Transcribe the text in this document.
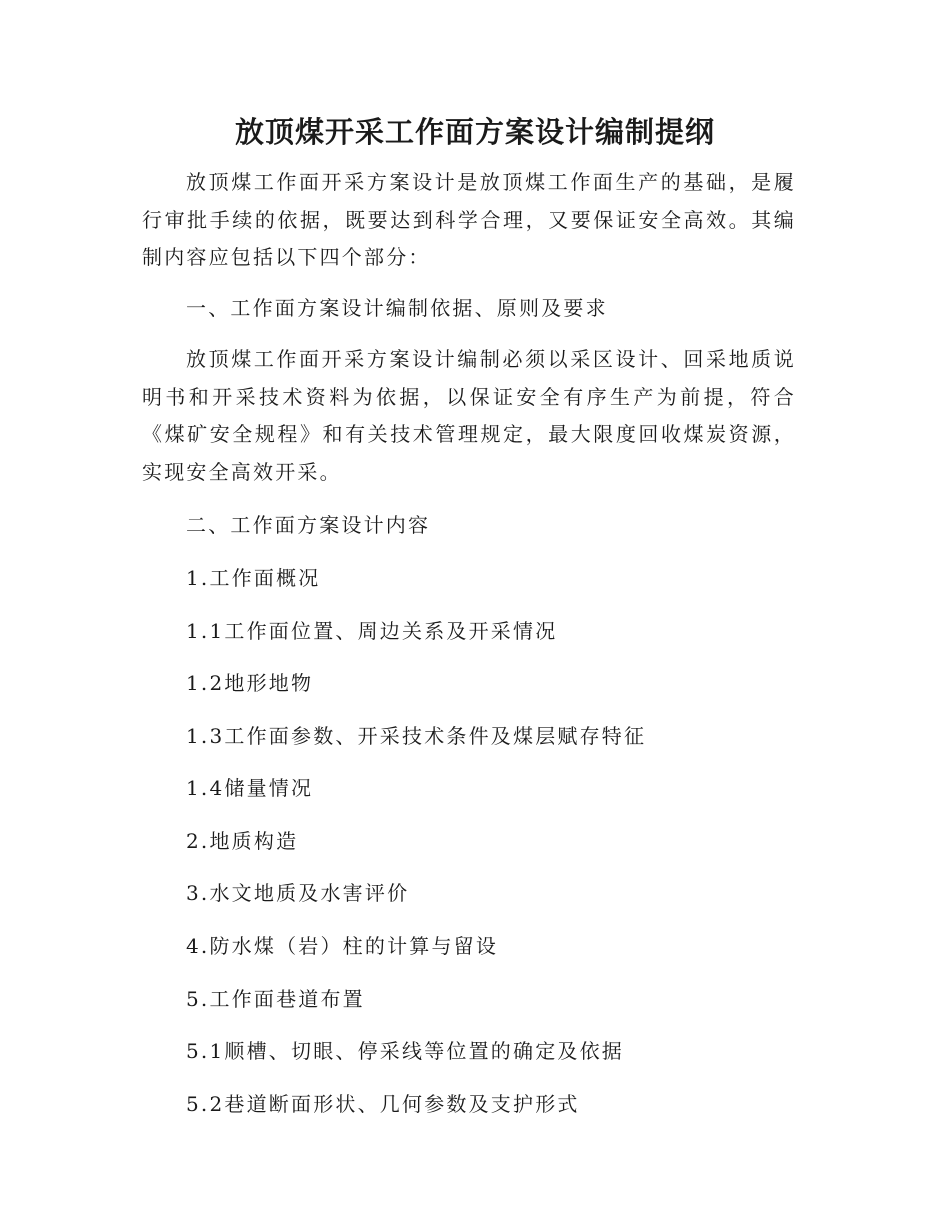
放顶煤开采工作面方案设计编制提纲

放顶煤工作面开采方案设计是放顶煤工作面生产的基础，是履行审批手续的依据，既要达到科学合理，又要保证安全高效。其编制内容应包括以下四个部分：

一、工作面方案设计编制依据、原则及要求

放顶煤工作面开采方案设计编制必须以采区设计、回采地质说明书和开采技术资料为依据，以保证安全有序生产为前提，符合《煤矿安全规程》和有关技术管理规定，最大限度回收煤炭资源，实现安全高效开采。

二、工作面方案设计内容

1.工作面概况

1.1工作面位置、周边关系及开采情况

1.2地形地物

1.3工作面参数、开采技术条件及煤层赋存特征

1.4储量情况

2.地质构造

3.水文地质及水害评价

4.防水煤（岩）柱的计算与留设

5.工作面巷道布置

5.1顺槽、切眼、停采线等位置的确定及依据

5.2巷道断面形状、几何参数及支护形式
